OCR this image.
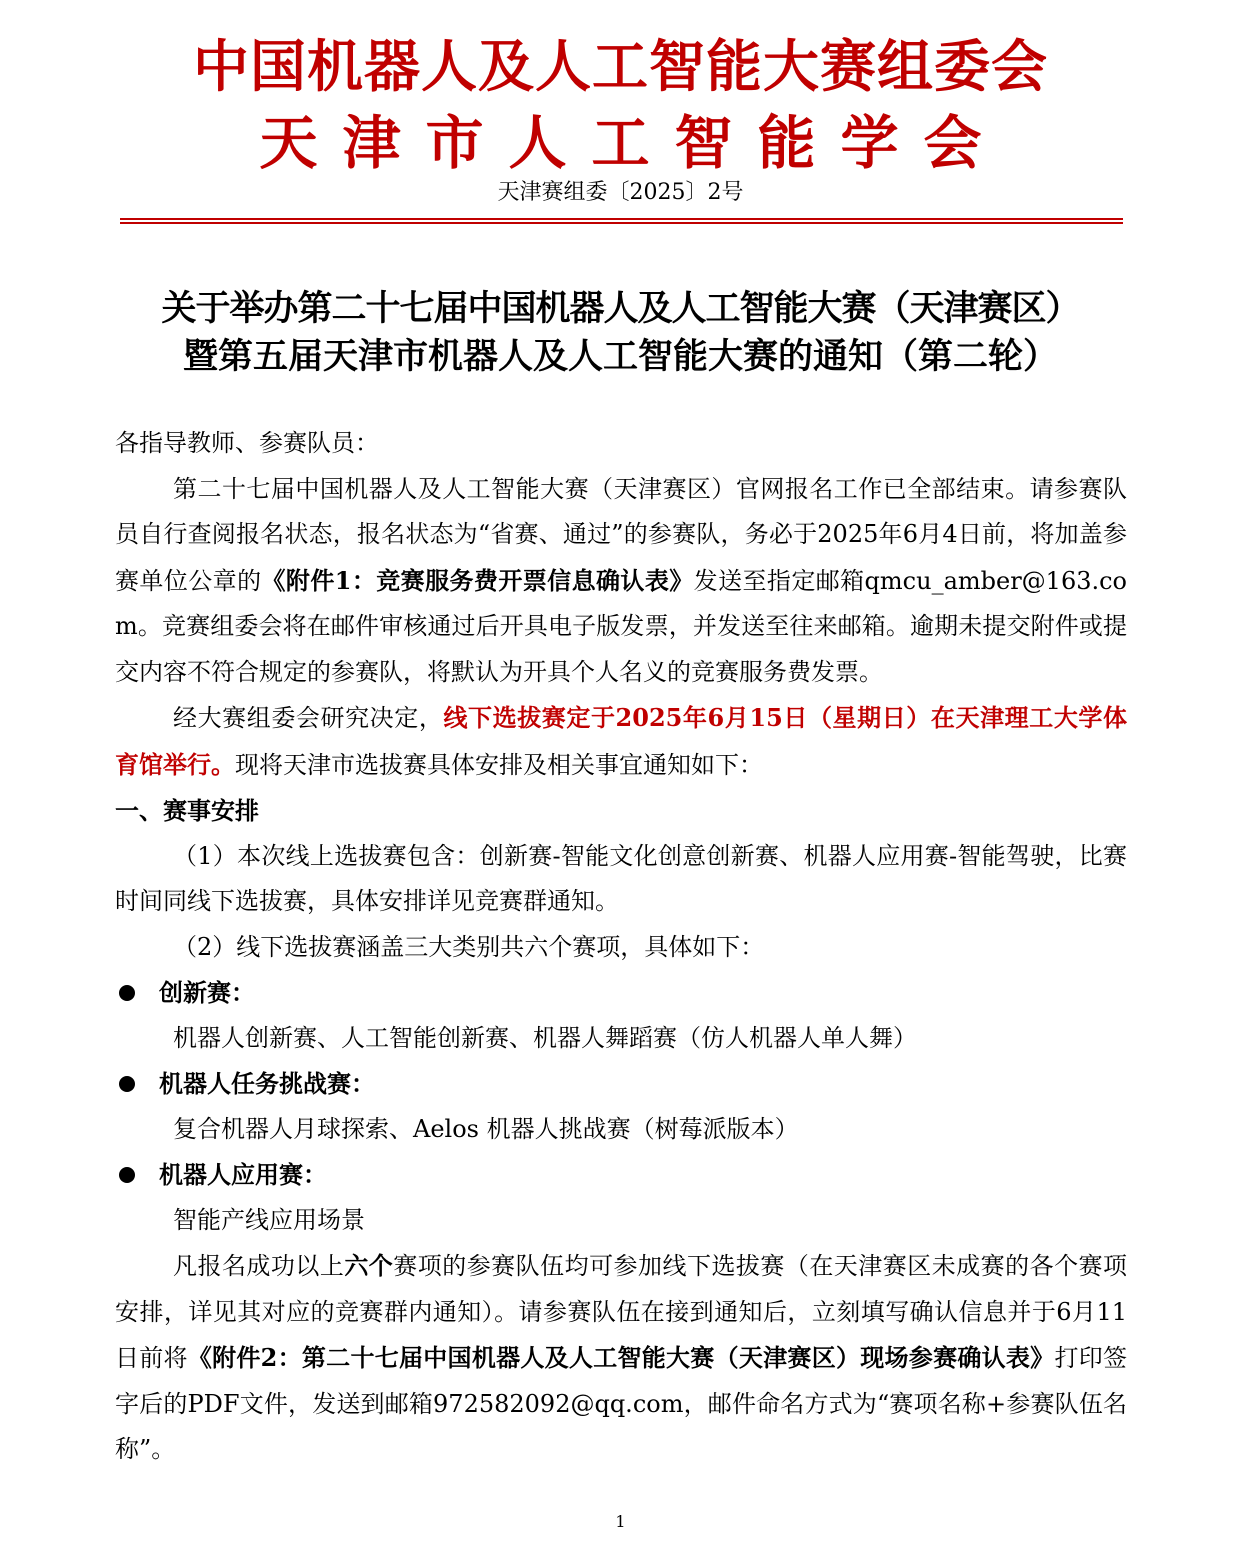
中国机器人及人工智能大赛组委会
天津市人工智能学会
天津赛组委〔2025〕2号
关于举办第二十七届中国机器人及人工智能大赛（天津赛区）
暨第五届天津市机器人及人工智能大赛的通知（第二轮）

各指导教师、参赛队员：

第二十七届中国机器人及人工智能大赛（天津赛区）官网报名工作已全部结束。请参赛队员自行查阅报名状态，报名状态为“省赛、通过”的参赛队，务必于2025年6月4日前，将加盖参赛单位公章的《附件1：竞赛服务费开票信息确认表》发送至指定邮箱qmcu_amber@163.com。竞赛组委会将在邮件审核通过后开具电子版发票，并发送至往来邮箱。逾期未提交附件或提交内容不符合规定的参赛队，将默认为开具个人名义的竞赛服务费发票。

经大赛组委会研究决定，线下选拔赛定于2025年6月15日（星期日）在天津理工大学体育馆举行。现将天津市选拔赛具体安排及相关事宜通知如下：

一、赛事安排

（1）本次线上选拔赛包含：创新赛-智能文化创意创新赛、机器人应用赛-智能驾驶，比赛时间同线下选拔赛，具体安排详见竞赛群通知。

（2）线下选拔赛涵盖三大类别共六个赛项，具体如下：

创新赛：

机器人创新赛、人工智能创新赛、机器人舞蹈赛（仿人机器人单人舞）

机器人任务挑战赛：

复合机器人月球探索、Aelos 机器人挑战赛（树莓派版本）

机器人应用赛：

智能产线应用场景

凡报名成功以上六个赛项的参赛队伍均可参加线下选拔赛（在天津赛区未成赛的各个赛项安排，详见其对应的竞赛群内通知）。请参赛队伍在接到通知后，立刻填写确认信息并于6月11日前将《附件2：第二十七届中国机器人及人工智能大赛（天津赛区）现场参赛确认表》打印签字后的PDF文件，发送到邮箱972582092@qq.com，邮件命名方式为“赛项名称+参赛队伍名称”。

1
